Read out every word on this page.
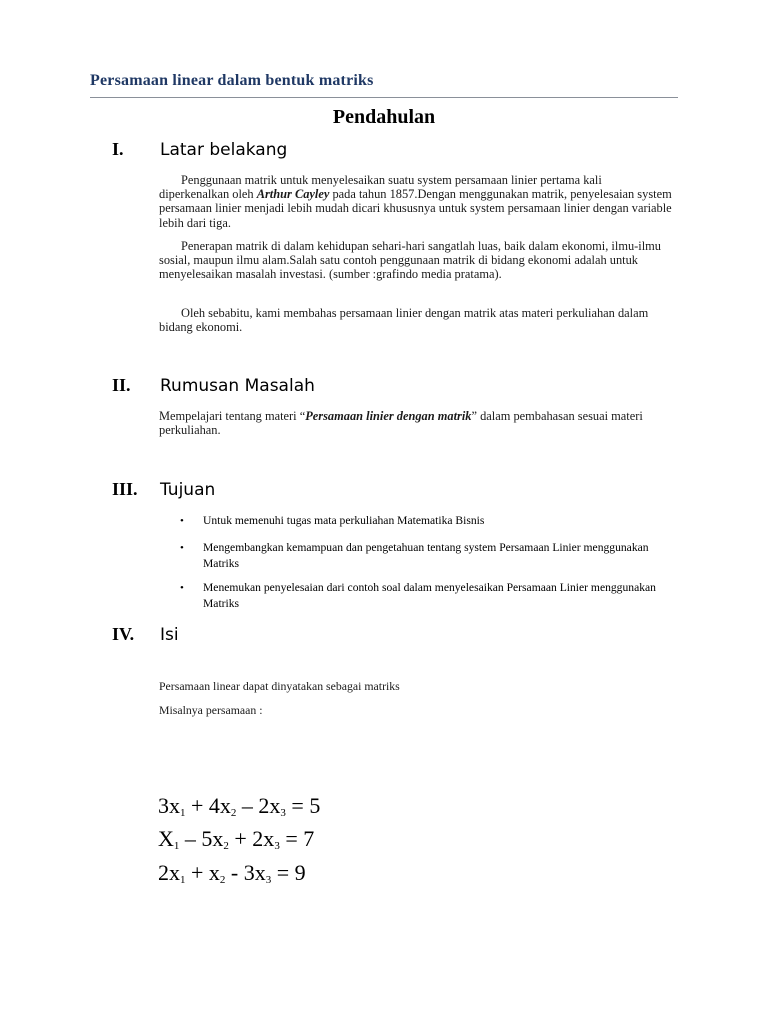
Persamaan linear dalam bentuk matriks
Pendahulan
I. Latar belakang
Penggunaan matrik untuk menyelesaikan suatu system persamaan linier pertama kali diperkenalkan oleh Arthur Cayley pada tahun 1857.Dengan menggunakan matrik, penyelesaian system persamaan linier menjadi lebih mudah dicari khususnya untuk system persamaan linier dengan variable lebih dari tiga.
Penerapan matrik di dalam kehidupan sehari-hari sangatlah luas, baik dalam ekonomi, ilmu-ilmu sosial, maupun ilmu alam.Salah satu contoh penggunaan matrik di bidang ekonomi adalah untuk menyelesaikan masalah investasi. (sumber :grafindo media pratama).
Oleh sebabitu, kami membahas persamaan linier dengan matrik atas materi perkuliahan dalam bidang ekonomi.
II. Rumusan Masalah
Mempelajari tentang materi “Persamaan linier dengan matrik” dalam pembahasan sesuai materi perkuliahan.
III. Tujuan
•	Untuk memenuhi tugas mata perkuliahan Matematika Bisnis
•	Mengembangkan kemampuan dan pengetahuan tentang system Persamaan Linier menggunakan Matriks
•	Menemukan penyelesaian dari contoh soal dalam menyelesaikan Persamaan Linier menggunakan Matriks
IV. Isi
Persamaan linear dapat dinyatakan sebagai matriks
Misalnya persamaan :
$3x_1 + 4x_2 - 2x_3 = 5$
$X_1 - 5x_2 + 2x_3 = 7$
$2x_1 + x_2 - 3x_3 = 9$
